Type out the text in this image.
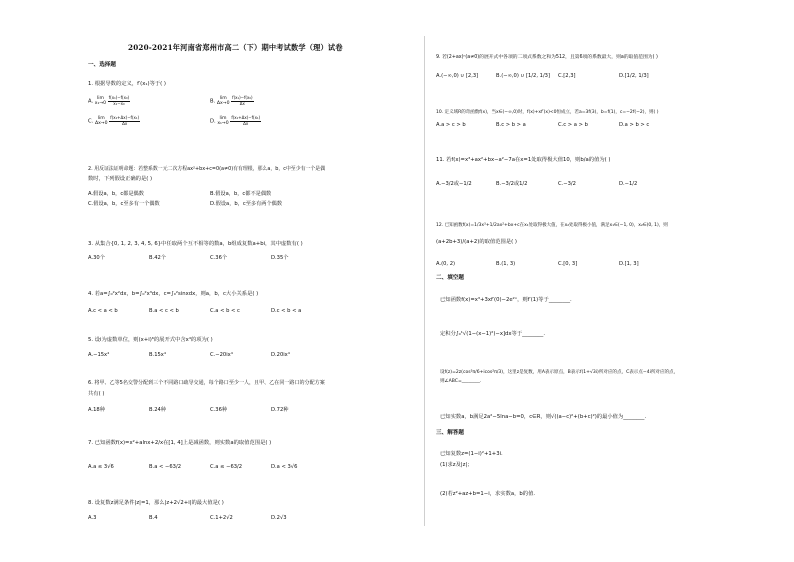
2020-2021年河南省郑州市高二（下）期中考试数学（理）试卷
一、选择题
1. 根据导数的定义，f′(x₁)等于( )
A. lim
$x_1\to 0 \frac{\text{f(x₁)−f(x₀)}}{\text{x₁−x₀}}$	B. lim
$\Delta x\to 0 \frac{\text{f(x₁)−f(x₀)}}{\Delta x}$
C. lim
$\Delta x\to 0 \frac{\text{f(x₁+Δx)−f(x₁)}}{\Delta x}$	D. lim
$x_1\to 0 \frac{\text{f(x₁+Δx)−f(x₁)}}{\Delta x}$
2. 用反证法证明命题：若整系数一元二次方程ax²+bx+c=0(a≠0)有有理根，那么a，b，c中至少有一个是偶
数时，下列假设正确的是( )
A.假设a，b，c都是偶数	B.假设a，b，c都不是偶数
C.假设a，b，c至多有一个偶数	D.假设a，b，c至多有两个偶数
3. 从集合{0, 1, 2, 3, 4, 5, 6}中任取两个互不相等的数a，b组成复数a+bi，其中虚数有( )
A.30个	B.42个	C.36个	D.35个
4. 若a=∫₀²x²dx，b=∫₀²x³dx，c=∫₀²sinxdx，则a，b，c大小关系是( )
A.c < a < b	B.a < c < b	C.a < b < c	D.c < b < a
5. 设i为虚数单位，则(x+i)⁶的展开式中含x⁴的项为( )
A.−15x⁴	B.15x⁴	C.−20ix⁴	D.20ix⁴
6. 将甲、乙等5名交警分配到三个不同路口疏导交通，每个路口至少一人，且甲、乙在同一路口的分配方案
共有( )
A.18种	B.24种	C.36种	D.72种
7. 已知函数f(x)=x²+alnx+2/x在[1, 4]上是减函数，则实数a的取值范围是( )
A.a ≤ 3√6	B.a < −63/2	C.a ≤ −63/2	D.a < 3√6
8. 设复数z满足条件|z|=1，那么|z+2√2+i|的最大值是( )
A.3	B.4	C.1+2√2	D.2√3
9. 若(2+ax)ⁿ(a≠0)的展开式中各项的二项式系数之和为512，且第6项的系数最大，则a的取值范围为( )
A.(−∞,0) ∪ [2,3]	B.(−∞,0) ∪ [1/2, 1/3] C.[2,3]	D.[1/2, 1/3]
10. 定义域R的奇函数f(x)，当x∈(−∞,0)时，f(x)+xf′(x)<0恒成立，若a=3f(3)，b=f(1)，c=−2f(−2)，则( )
A.a > c > b	B.c > b > a	C.c > a > b	D.a > b > c
11. 若f(x)=x³+ax²+bx−a²−7a在x=1处取得极大值10，则b/a的值为( )
A.−3/2或−1/2	B.−3/2或1/2	C.−3/2	D.−1/2
12. 已知函数f(x)=1/3x³+1/2ax²+bx+c在x₁处取得极大值，在x₂处取得极小值，满足x₁∈(−1, 0)，x₂∈(0, 1)，则
(a+2b+3)/(a+2)的取值范围是( )
A.(0, 2)	B.(1, 3)	C.[0, 3]	D.[1, 3]
二、填空题
已知函数f(x)=x³+3xf′(0)−2e²ˣ，则f′(1)等于________.
定积分∫₀¹√(1−(x−1)²)−x]dx等于________.
设f(z)=2z(cos²π/6+icos²π/3)，这里z是复数，用A表示原点，B表示f(1+√3i)所对应的点，C表示点−4i所对应的点，
则∠ABC=________.
已知实数a，b满足2a²−5lna−b=0，c∈R，则√((a−c)²+(b+c)²)的最小值为________.
三、解答题
已知复数z=(1−i)²+1+3i.
(1)求z及|z|；
(2)若z²+az+b=1−i，求实数a，b的值.
